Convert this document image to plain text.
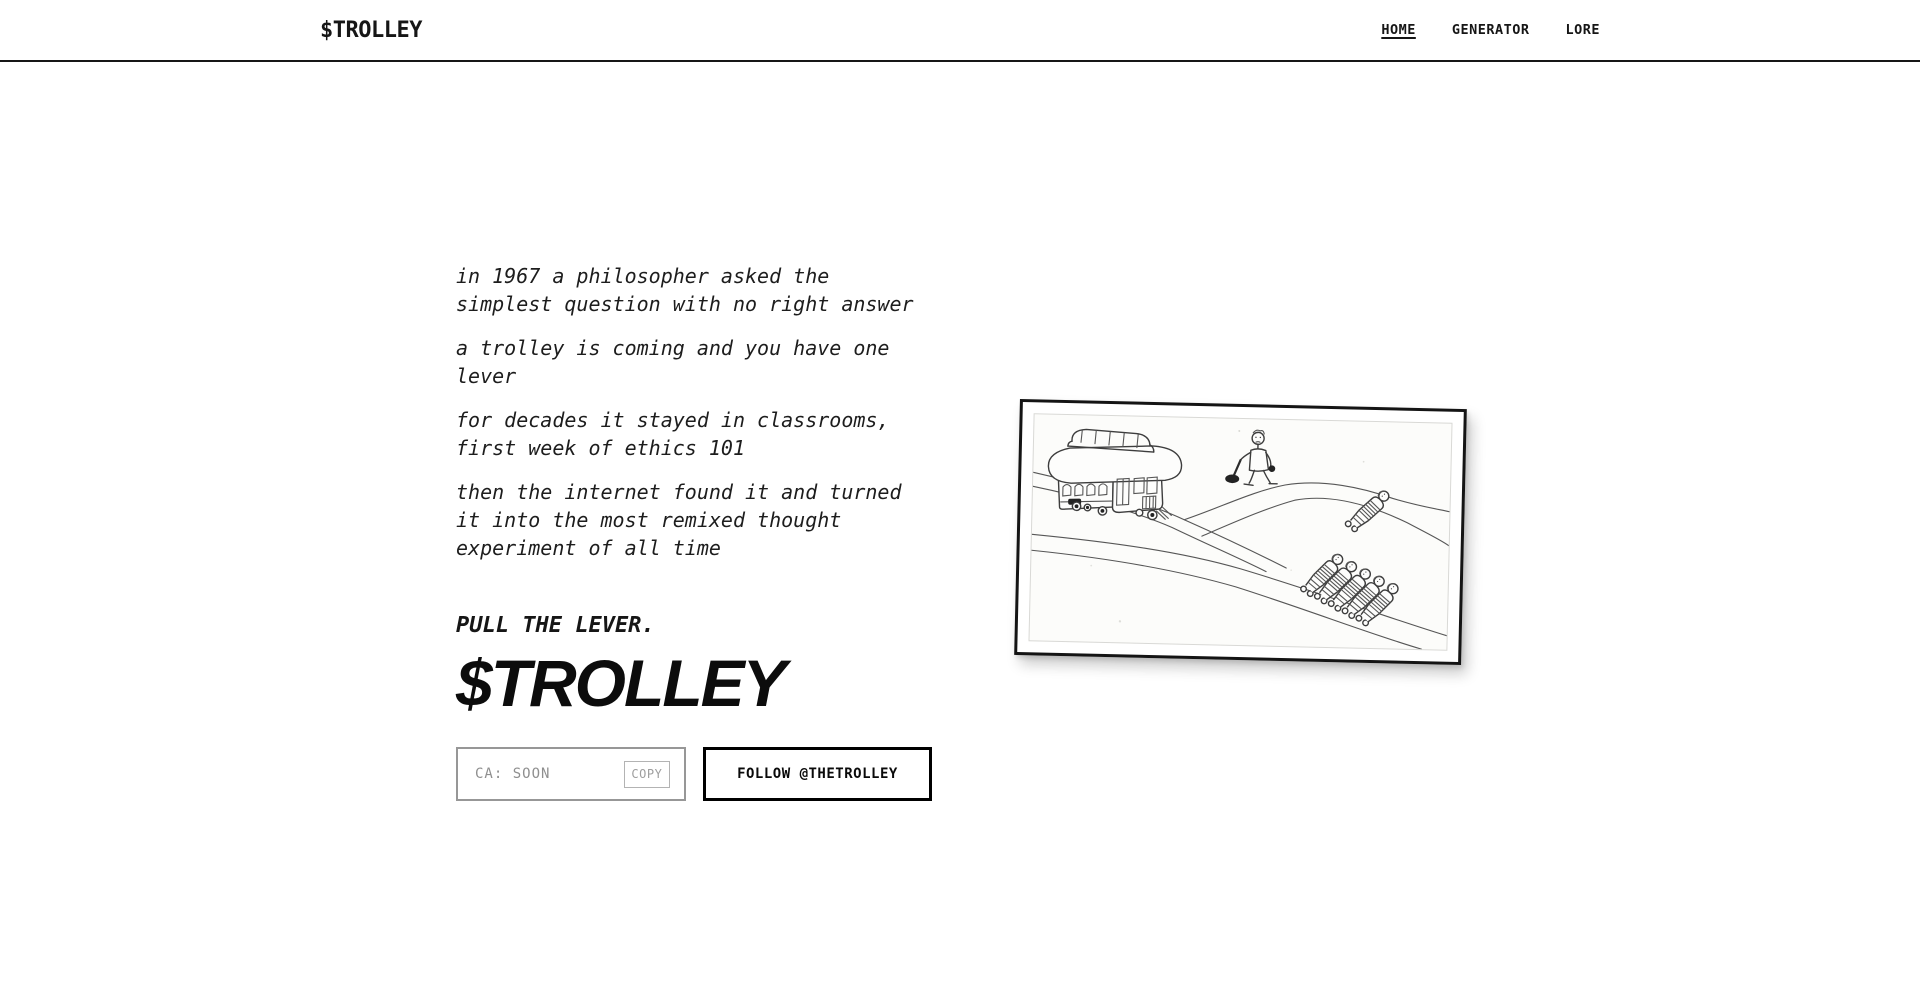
$TROLLEY	HOME	GENERATOR	LORE

in 1967 a philosopher asked the simplest question with no right answer

a trolley is coming and you have one lever

for decades it stayed in classrooms, first week of ethics 101

then the internet found it and turned it into the most remixed thought experiment of all time

PULL THE LEVER.
$TROLLEY
CA: SOON	COPY	FOLLOW @THETROLLEY
